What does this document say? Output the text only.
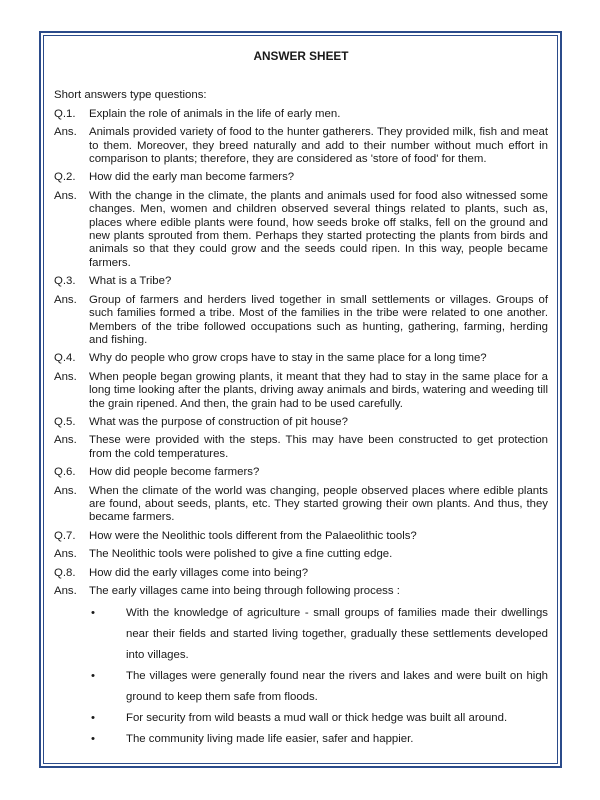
ANSWER SHEET
Short answers type questions:
Q.1.	Explain the role of animals in the life of early men.
Ans.	Animals provided variety of food to the hunter gatherers. They provided milk, fish and meat to them. Moreover, they breed naturally and add to their number without much effort in comparison to plants; therefore, they are considered as 'store of food' for them.
Q.2.	How did the early man become farmers?
Ans.	With the change in the climate, the plants and animals used for food also witnessed some changes. Men, women and children observed several things related to plants, such as, places where edible plants were found, how seeds broke off stalks, fell on the ground and new plants sprouted from them. Perhaps they started protecting the plants from birds and animals so that they could grow and the seeds could ripen. In this way, people became farmers.
Q.3.	What is a Tribe?
Ans.	Group of farmers and herders lived together in small settlements or villages. Groups of such families formed a tribe. Most of the families in the tribe were related to one another. Members of the tribe followed occupations such as hunting, gathering, farming, herding and fishing.
Q.4.	Why do people who grow crops have to stay in the same place for a long time?
Ans.	When people began growing plants, it meant that they had to stay in the same place for a long time looking after the plants, driving away animals and birds, watering and weeding till the grain ripened. And then, the grain had to be used carefully.
Q.5.	What was the purpose of construction of pit house?
Ans.	These were provided with the steps. This may have been constructed to get protection from the cold temperatures.
Q.6.	How did people become farmers?
Ans.	When the climate of the world was changing, people observed places where edible plants are found, about seeds, plants, etc. They started growing their own plants. And thus, they became farmers.
Q.7.	How were the Neolithic tools different from the Palaeolithic tools?
Ans.	The Neolithic tools were polished to give a fine cutting edge.
Q.8.	How did the early villages come into being?
Ans.	The early villages came into being through following process :
•	With the knowledge of agriculture - small groups of families made their dwellings near their fields and started living together, gradually these settlements developed into villages.
•	The villages were generally found near the rivers and lakes and were built on high ground to keep them safe from floods.
•	For security from wild beasts a mud wall or thick hedge was built all around.
•	The community living made life easier, safer and happier.
